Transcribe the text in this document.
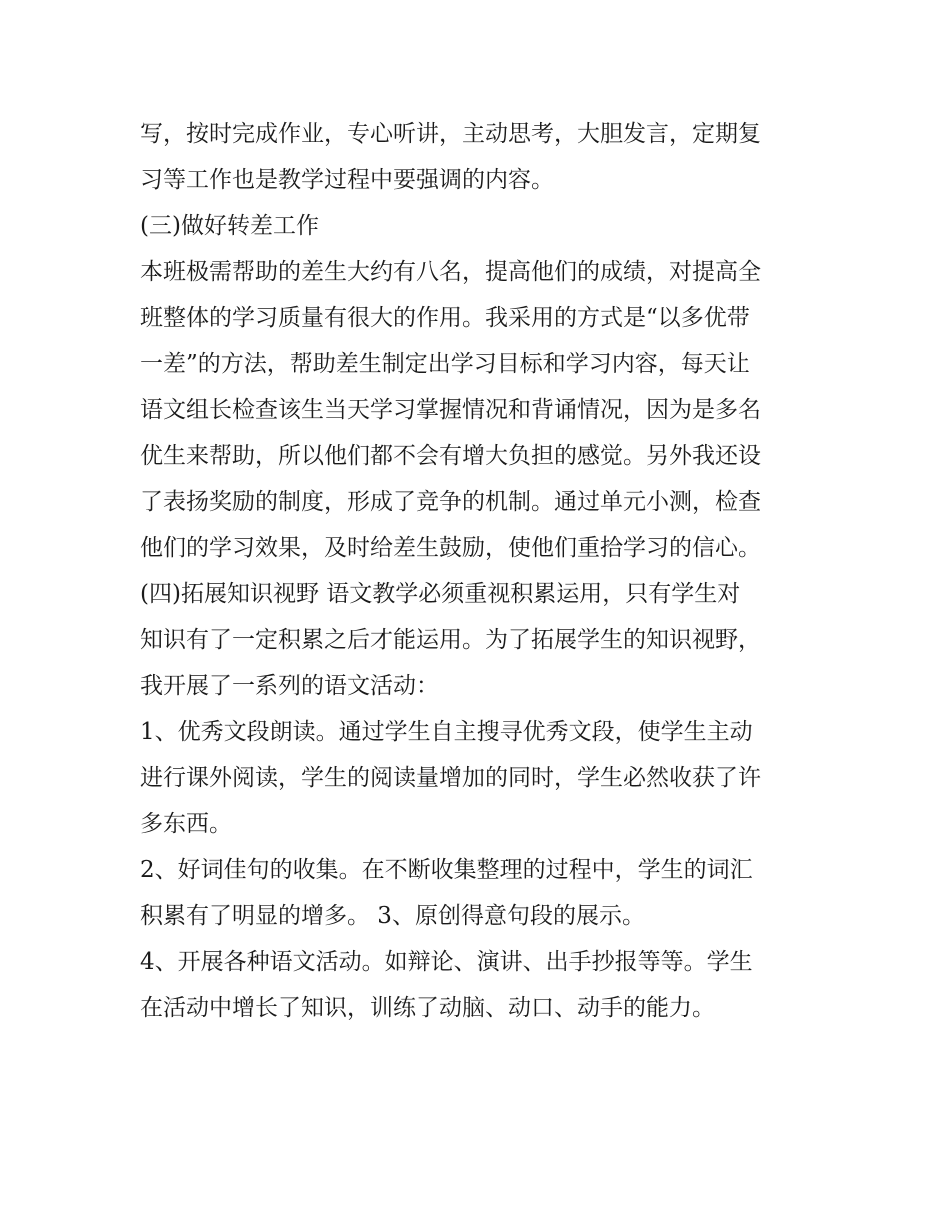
写，按时完成作业，专心听讲，主动思考，大胆发言，定期复
习等工作也是教学过程中要强调的内容。
(三)做好转差工作
本班极需帮助的差生大约有八名，提高他们的成绩，对提高全
班整体的学习质量有很大的作用。我采用的方式是“以多优带
一差”的方法，帮助差生制定出学习目标和学习内容，每天让
语文组长检查该生当天学习掌握情况和背诵情况，因为是多名
优生来帮助，所以他们都不会有增大负担的感觉。另外我还设
了表扬奖励的制度，形成了竞争的机制。通过单元小测，检查
他们的学习效果，及时给差生鼓励，使他们重拾学习的信心。
(四)拓展知识视野 语文教学必须重视积累运用，只有学生对
知识有了一定积累之后才能运用。为了拓展学生的知识视野，
我开展了一系列的语文活动：
1、优秀文段朗读。通过学生自主搜寻优秀文段，使学生主动
进行课外阅读，学生的阅读量增加的同时，学生必然收获了许
多东西。
2、好词佳句的收集。在不断收集整理的过程中，学生的词汇
积累有了明显的增多。 3、原创得意句段的展示。
4、开展各种语文活动。如辩论、演讲、出手抄报等等。学生
在活动中增长了知识，训练了动脑、动口、动手的能力。
